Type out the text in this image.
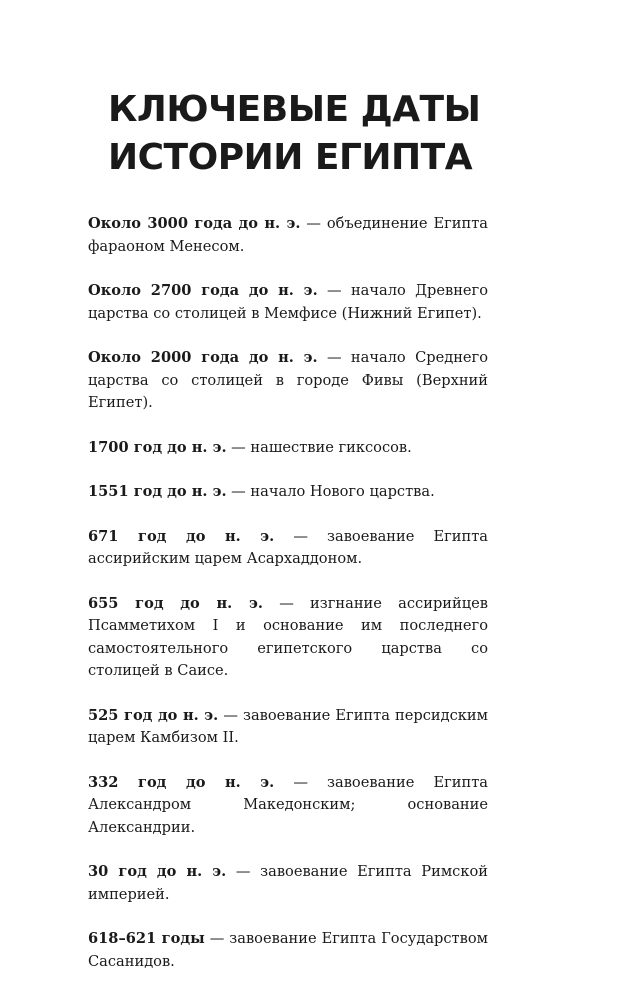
КЛЮЧЕВЫЕ ДАТЫ
ИСТОРИИ ЕГИПТА

Около 3000 года до н. э. — объединение Египта фараоном Менесом.

Около 2700 года до н. э. — начало Древнего царства со столицей в Мемфисе (Нижний Египет).

Около 2000 года до н. э. — начало Среднего царства со столицей в городе Фивы (Верхний Египет).

1700 год до н. э. — нашествие гиксосов.

1551 год до н. э. — начало Нового царства.

671 год до н. э. — завоевание Египта ассирийским царем Асархаддоном.

655 год до н. э. — изгнание ассирийцев Псамметихом I и основание им последнего самостоятельного египетского царства со столицей в Саисе.

525 год до н. э. — завоевание Египта персидским царем Камбизом II.

332 год до н. э. — завоевание Египта Александром Македонским; основание Александрии.

30 год до н. э. — завоевание Египта Римской империей.

618–621 годы — завоевание Египта Государством Сасанидов.
